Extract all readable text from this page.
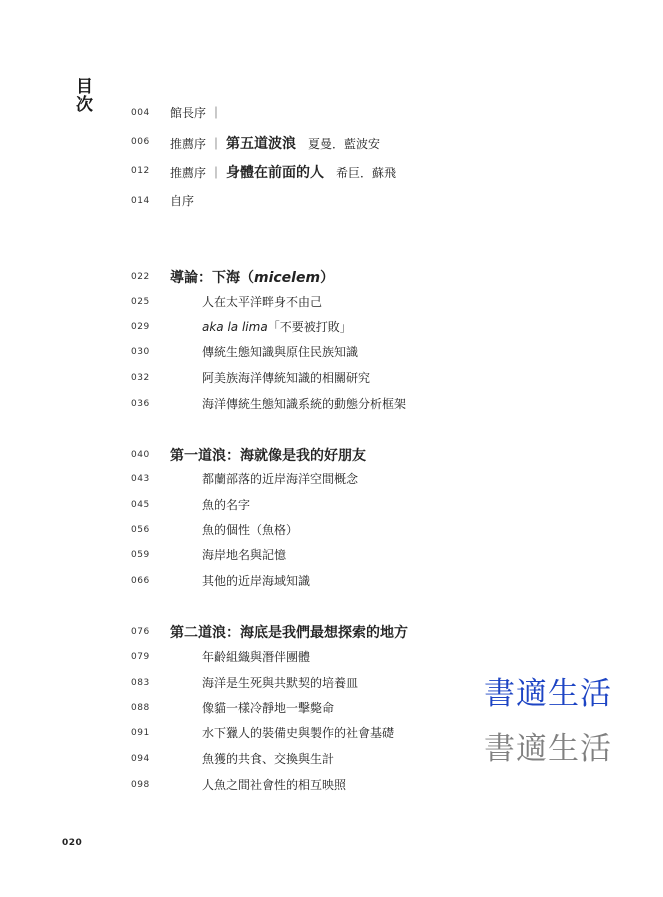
目
次	004 館長序 ｜
006 推薦序 ｜ 第五道波浪 夏曼．藍波安
012 推薦序 ｜ 身體在前面的人 希巨．蘇飛
014 自序
022 導論：下海（micelem）
025	人在太平洋畔身不由己
029	aka la lima「不要被打敗」
030	傳統生態知識與原住民族知識
032	阿美族海洋傳統知識的相關研究
036	海洋傳統生態知識系統的動態分析框架
040 第一道浪：海就像是我的好朋友
043	都蘭部落的近岸海洋空間概念
045	魚的名字
056	魚的個性（魚格）
059	海岸地名與記憶
066	其他的近岸海域知識
076 第二道浪：海底是我們最想探索的地方
079	年齡組織與潛伴團體
083	海洋是生死與共默契的培養皿
088	像貓一樣冷靜地一擊斃命
091	水下獵人的裝備史與製作的社會基礎
094	魚獲的共食、交換與生計
098	人魚之間社會性的相互映照
書適生活
書適生活
020
